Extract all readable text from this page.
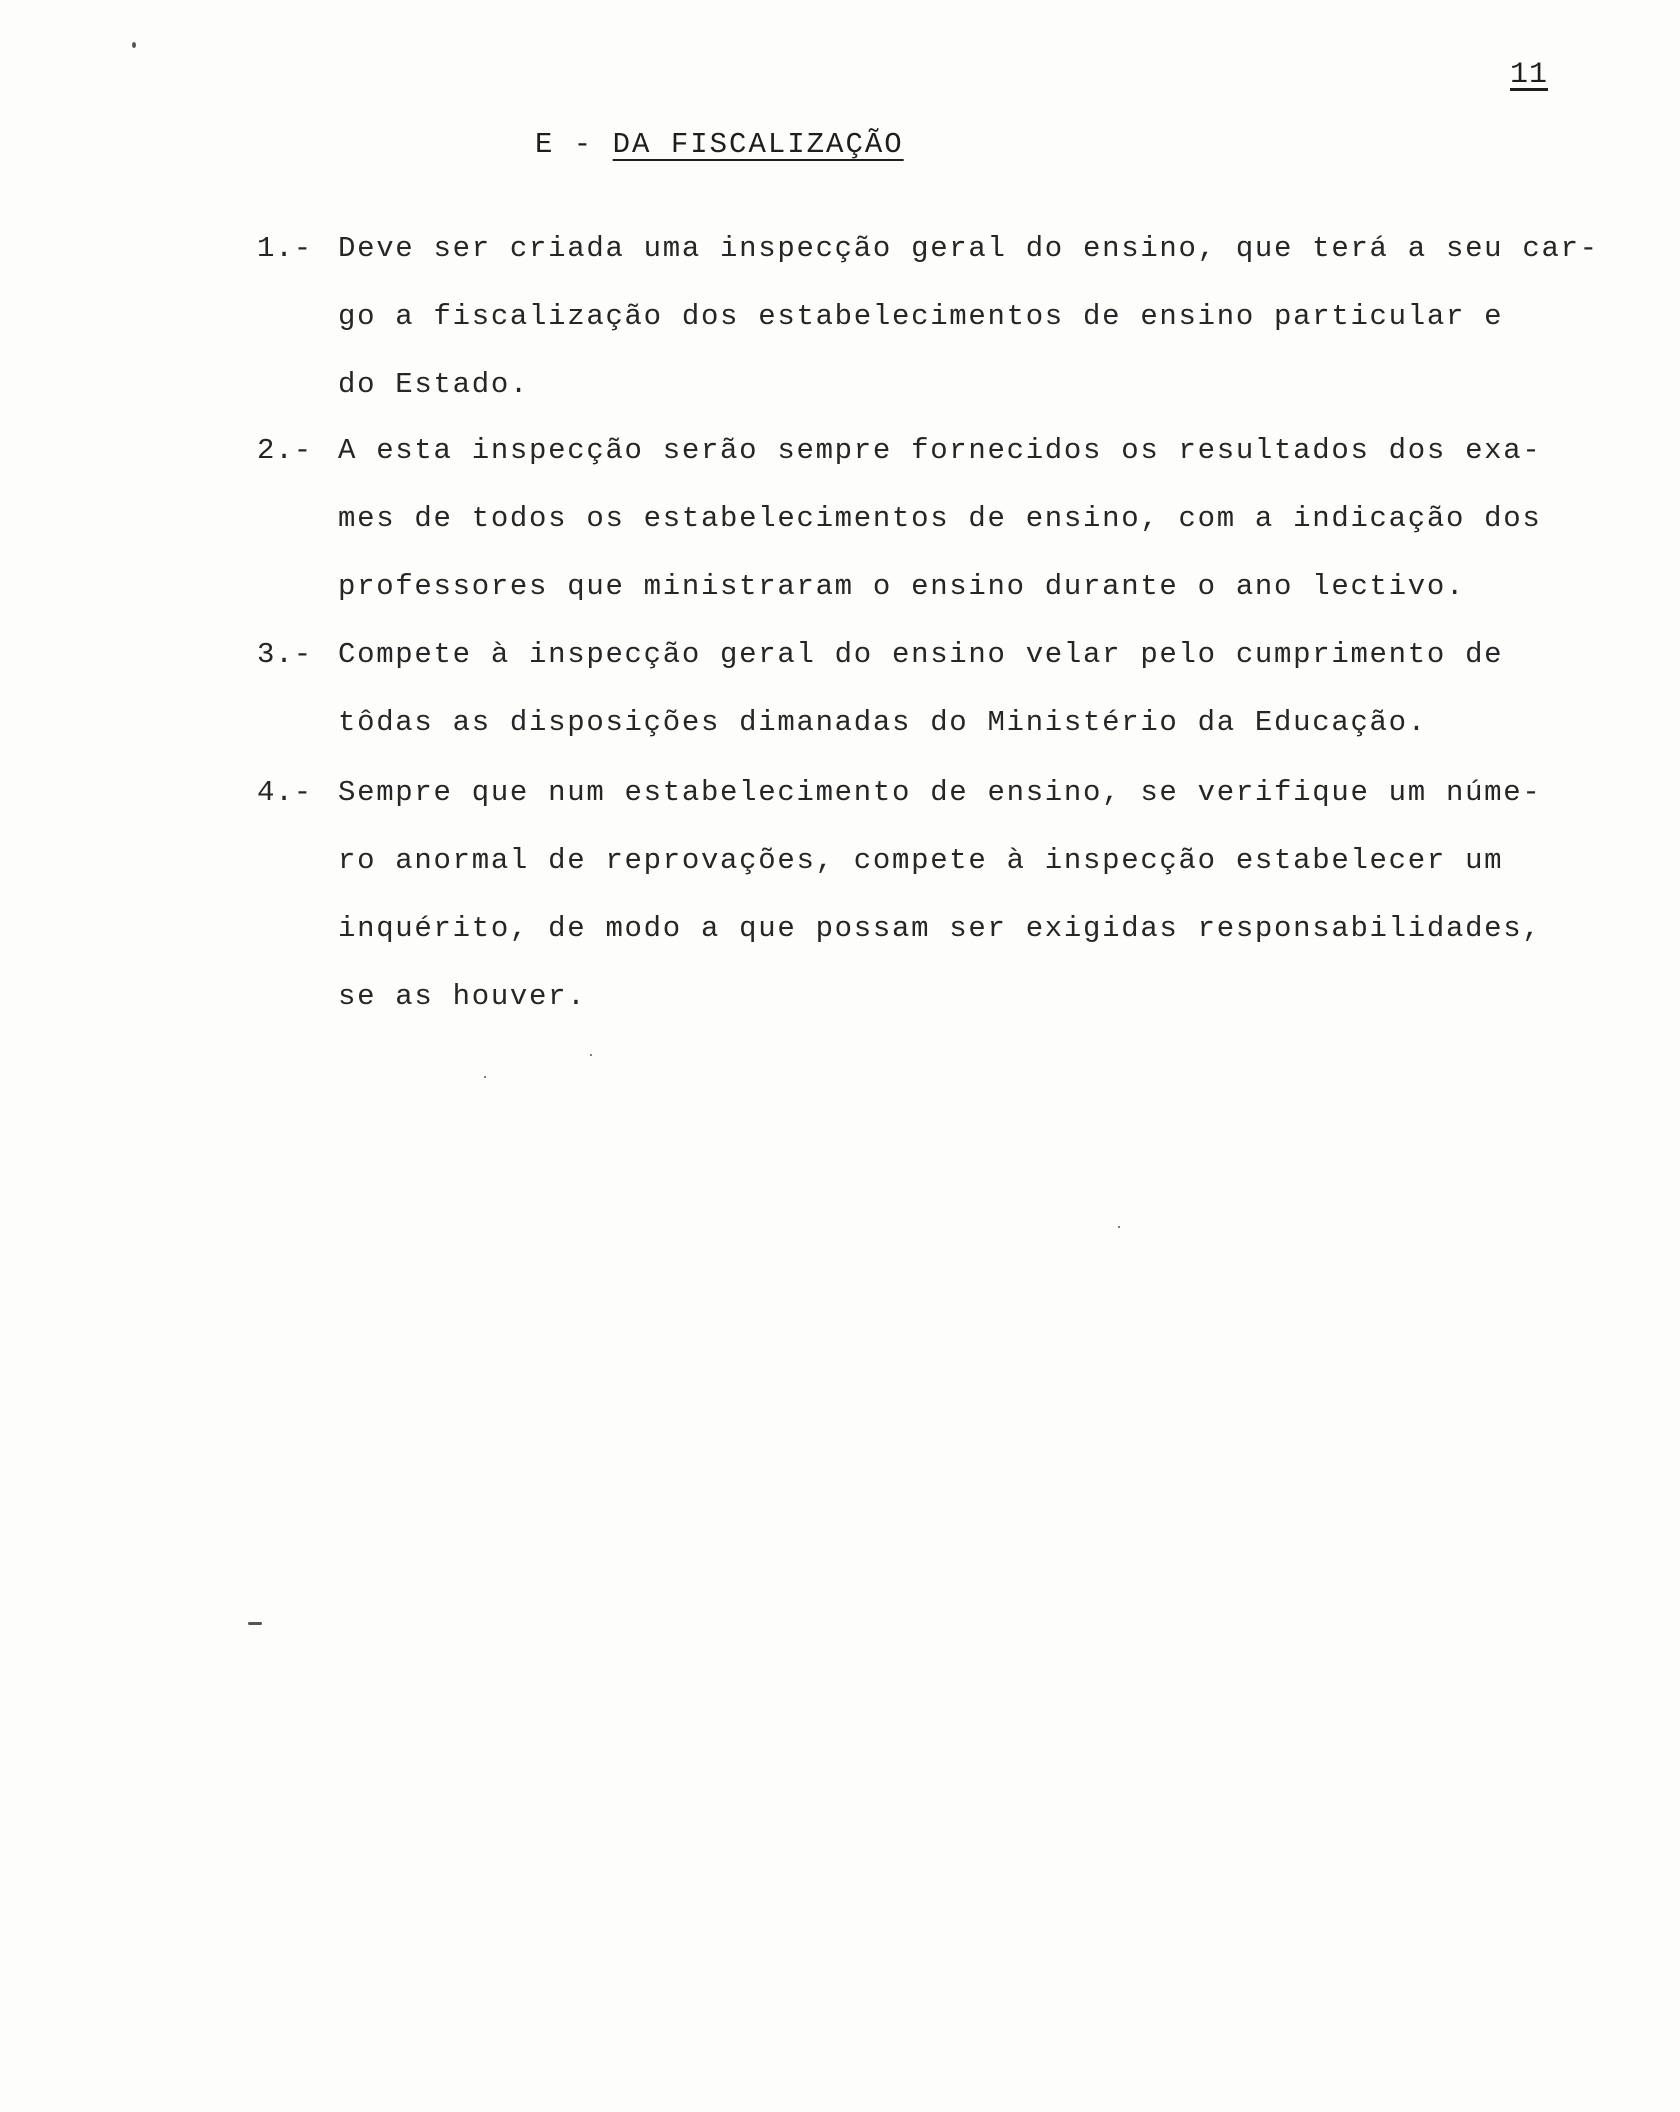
11
E - DA FISCALIZAÇÃO
1.- Deve ser criada uma inspecção geral do ensino, que terá a seu car-
go a fiscalização dos estabelecimentos de ensino particular e
do Estado.
2.- A esta inspecção serão sempre fornecidos os resultados dos exa-
mes de todos os estabelecimentos de ensino, com a indicação dos
professores que ministraram o ensino durante o ano lectivo.
3.- Compete à inspecção geral do ensino velar pelo cumprimento de
tôdas as disposições dimanadas do Ministério da Educação.
4.- Sempre que num estabelecimento de ensino, se verifique um núme-
ro anormal de reprovações, compete à inspecção estabelecer um
inquérito, de modo a que possam ser exigidas responsabilidades,
se as houver.
